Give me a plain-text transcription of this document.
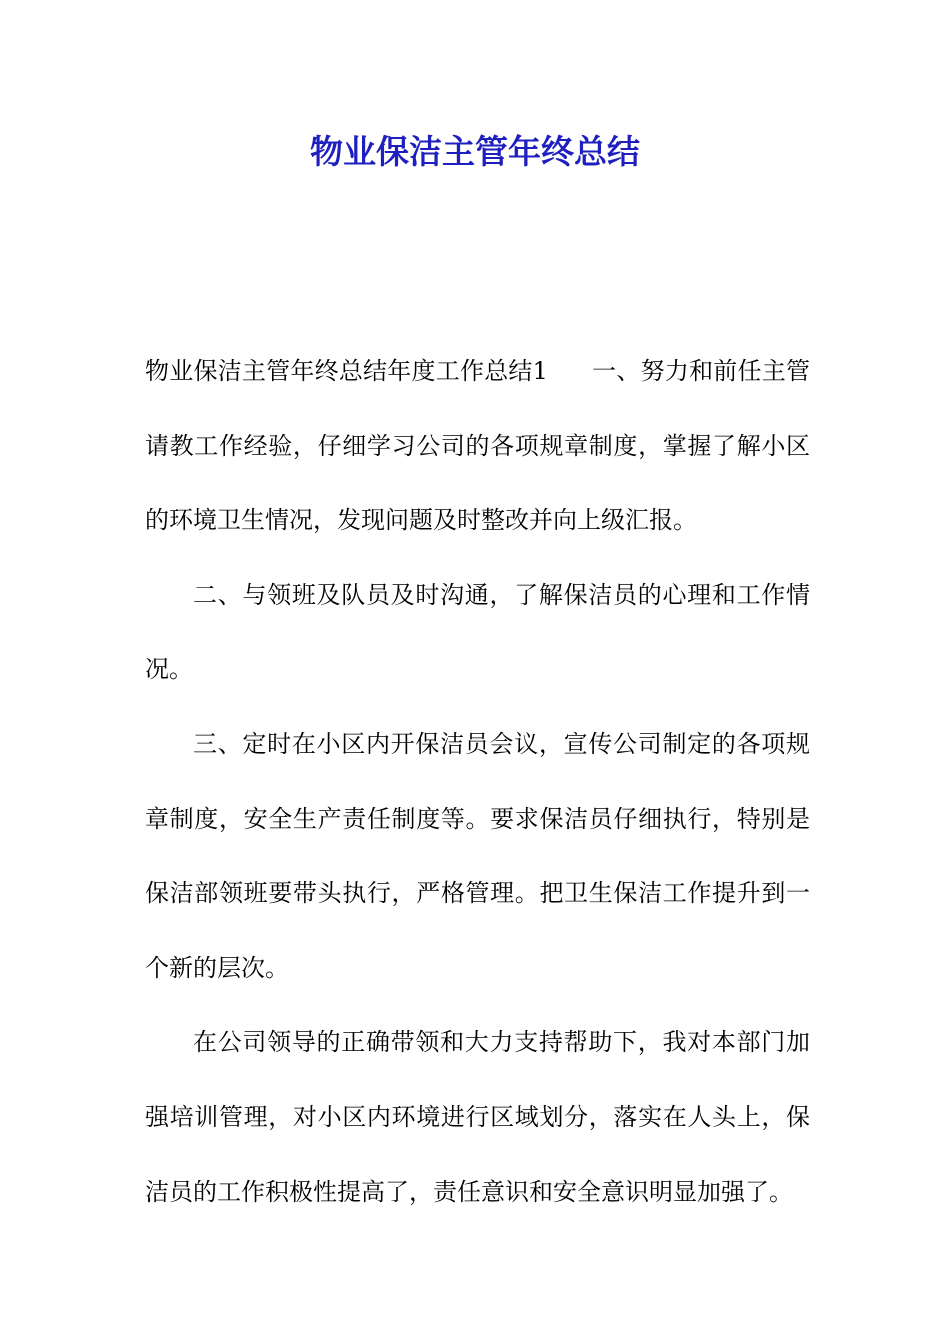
物业保洁主管年终总结

物业保洁主管年终总结年度工作总结1 一、努力和前任主管请教工作经验，仔细学习公司的各项规章制度，掌握了解小区的环境卫生情况，发现问题及时整改并向上级汇报。

二、与领班及队员及时沟通，了解保洁员的心理和工作情况。

三、定时在小区内开保洁员会议，宣传公司制定的各项规章制度，安全生产责任制度等。要求保洁员仔细执行，特别是保洁部领班要带头执行，严格管理。把卫生保洁工作提升到一个新的层次。

在公司领导的正确带领和大力支持帮助下，我对本部门加强培训管理，对小区内环境进行区域划分，落实在人头上，保洁员的工作积极性提高了，责任意识和安全意识明显加强了。
